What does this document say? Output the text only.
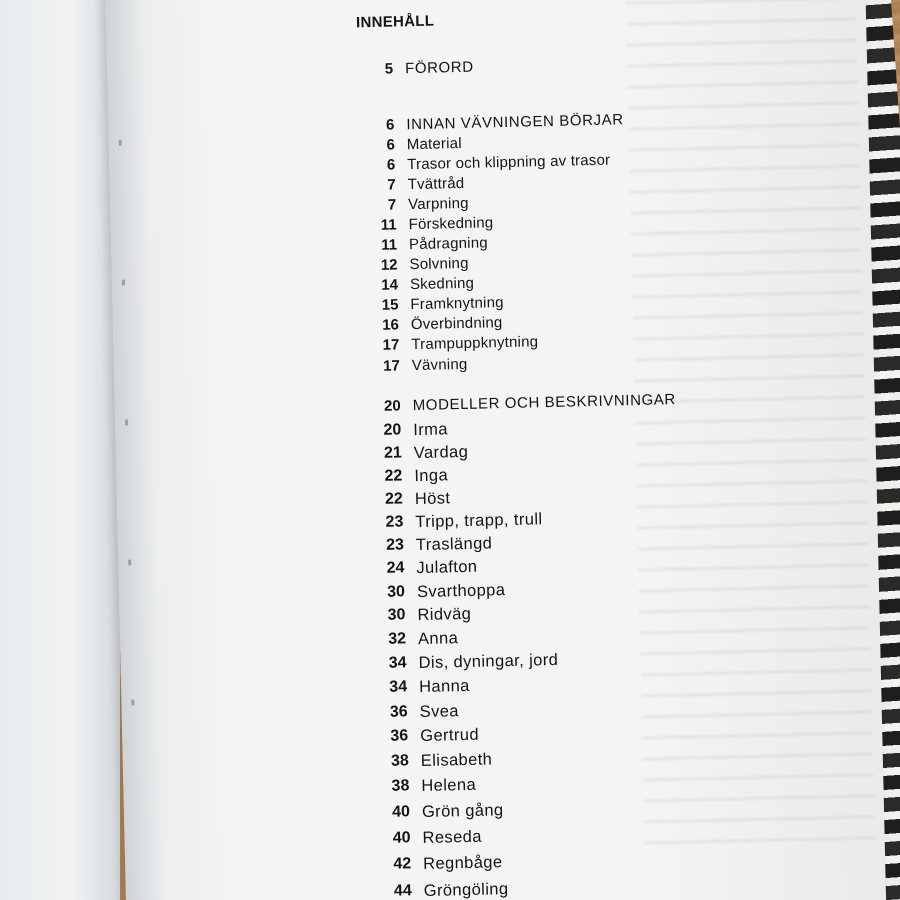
INNEHÅLL
5 FÖRORD
6 INNAN VÄVNINGEN BÖRJAR
6 Material
6 Trasor och klippning av trasor
7 Tvättråd
7 Varpning
11 Förskedning
11 Pådragning
12 Solvning
14 Skedning
15 Framknytning
16 Överbindning
17 Trampuppknytning
17 Vävning
20 MODELLER OCH BESKRIVNINGAR
20 Irma
21 Vardag
22 Inga
22 Höst
23 Tripp, trapp, trull
23 Traslängd
24 Julafton
30 Svarthoppa
30 Ridväg
32 Anna
34 Dis, dyningar, jord
34 Hanna
36 Svea
36 Gertrud
38 Elisabeth
38 Helena
40 Grön gång
40 Reseda
42 Regnbåge
44 Gröngöling
